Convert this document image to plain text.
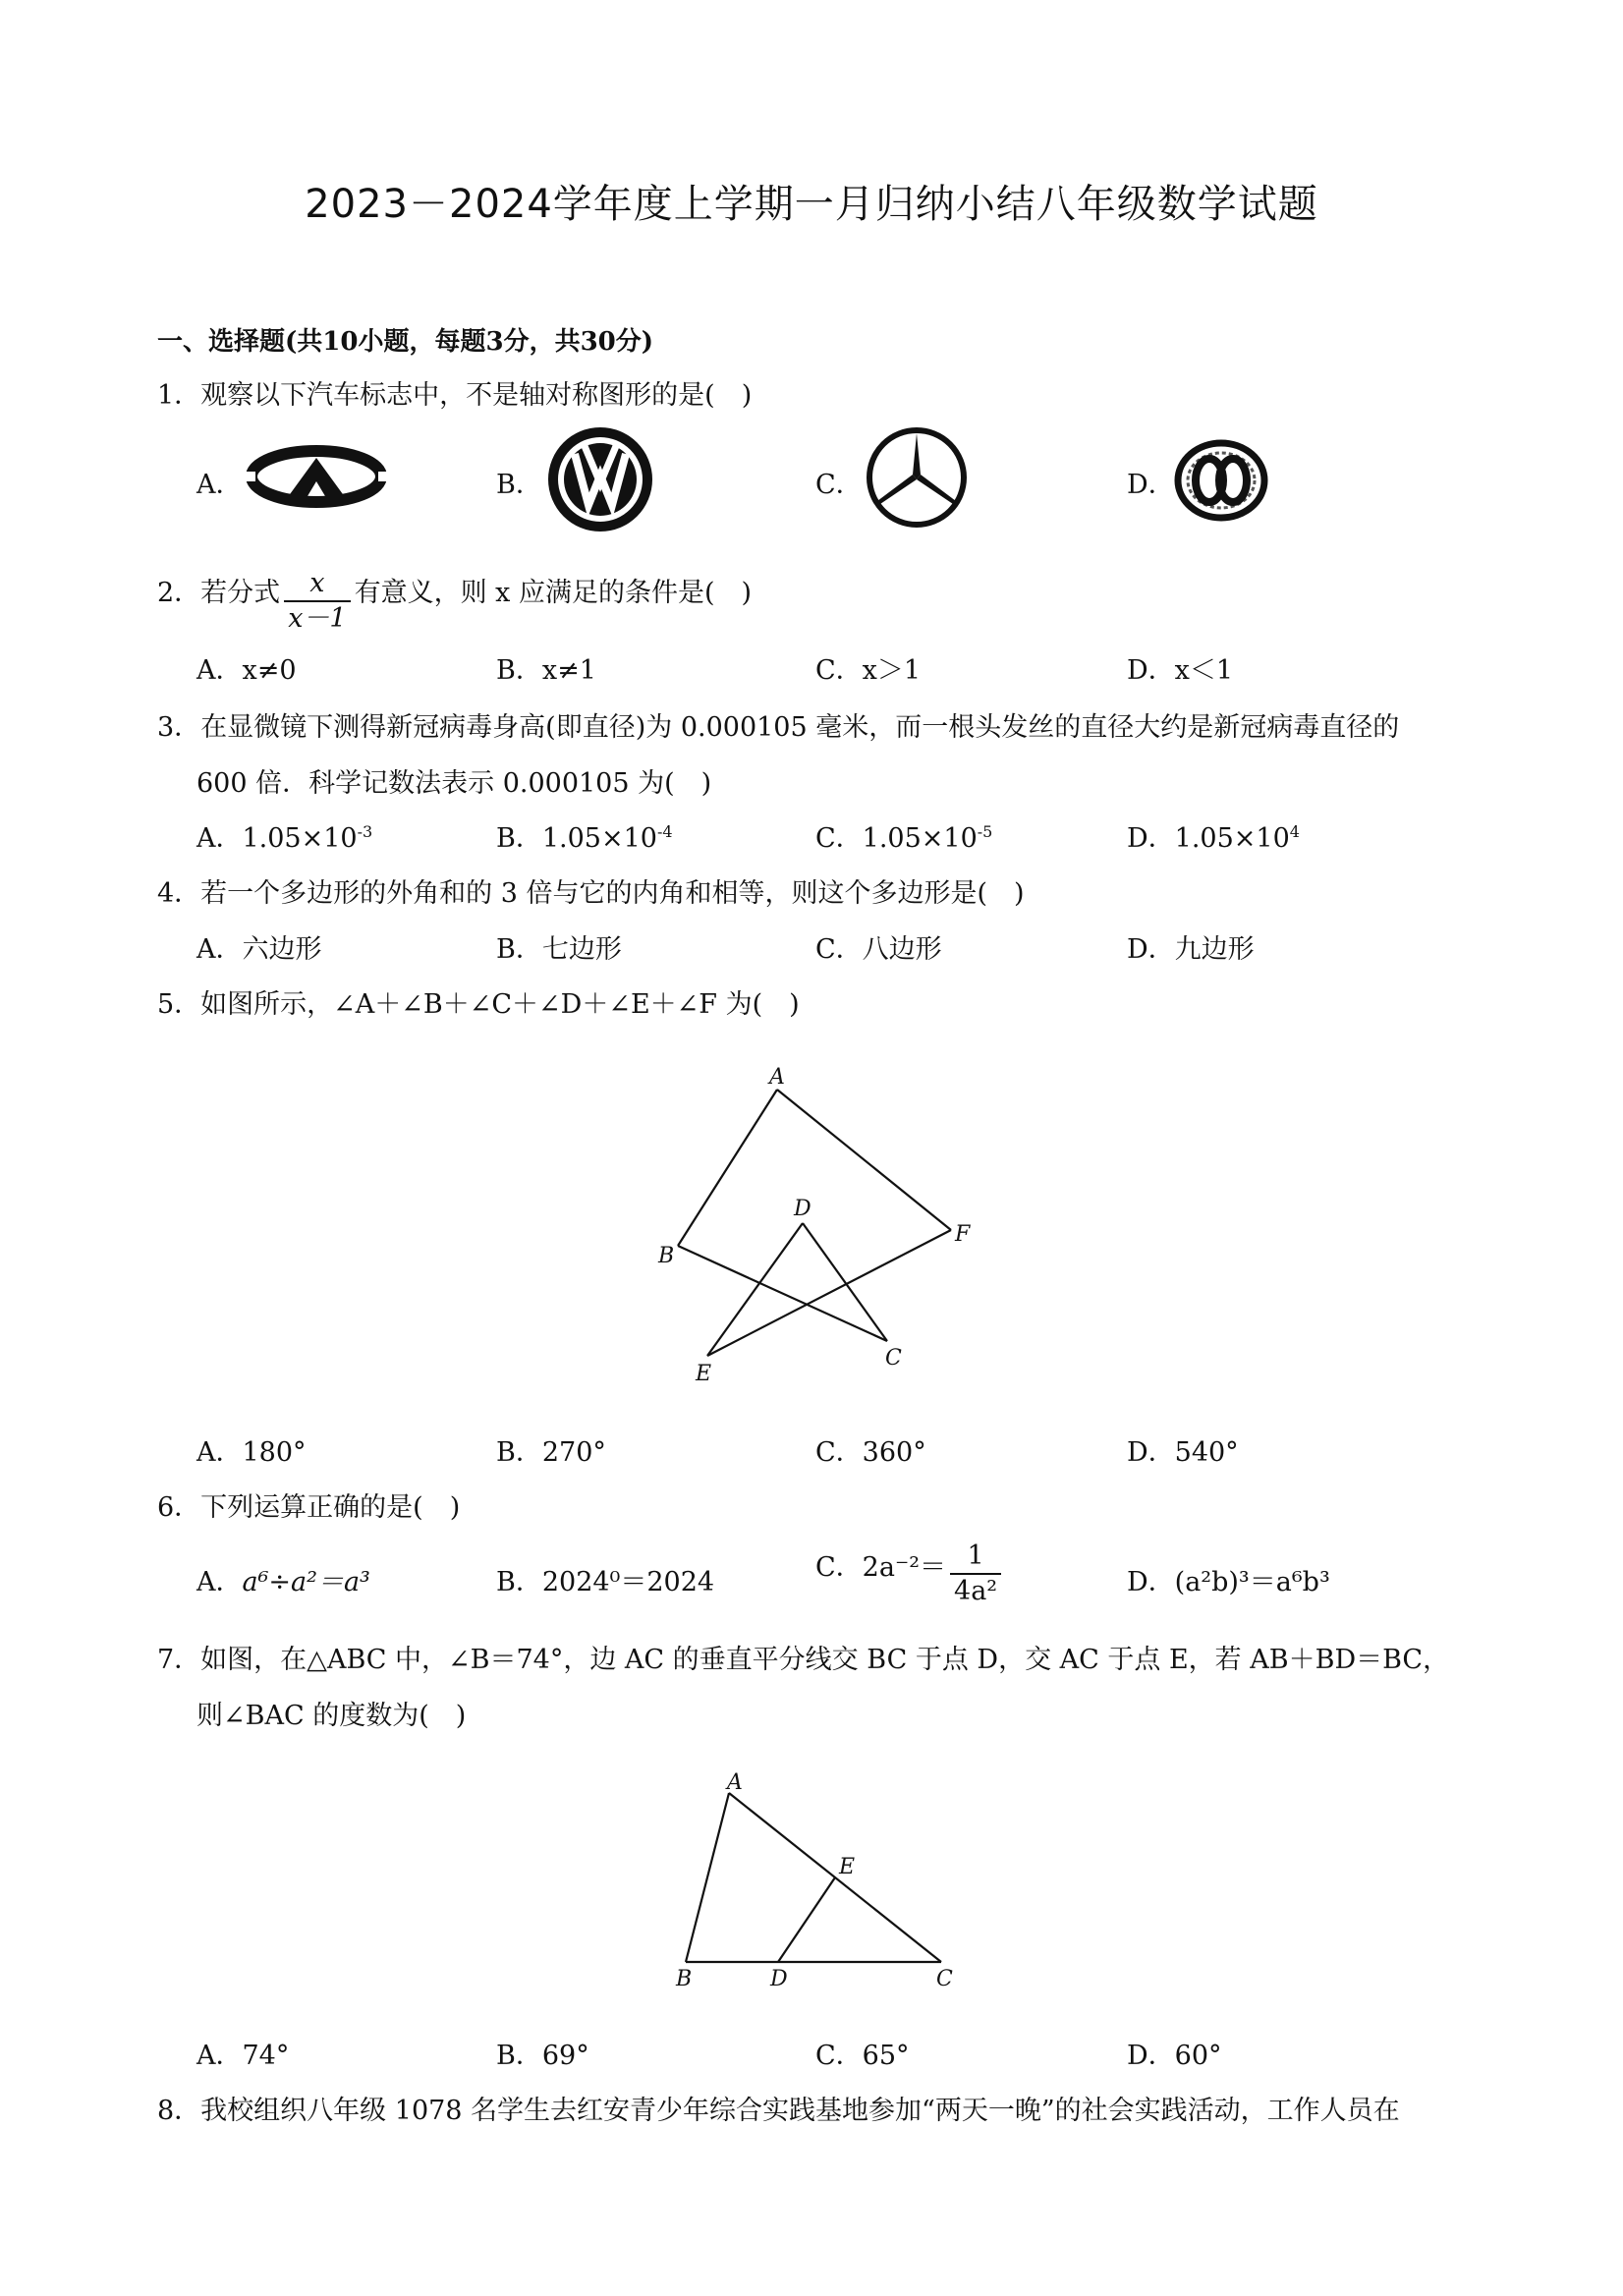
2023－2024学年度上学期一月归纳小结八年级数学试题
一、选择题(共10小题，每题3分，共30分)
1．观察以下汽车标志中，不是轴对称图形的是(　)
A．	B．	C．	D．
2．若分式 $\frac{x}{x-1}$ 有意义，则 x 应满足的条件是(　)
A．x≠0	B．x≠1	C．x＞1	D．x＜1
3．在显微镜下测得新冠病毒身高(即直径)为 0.000105 毫米，而一根头发丝的直径大约是新冠病毒直径的
600 倍．科学记数法表示 0.000105 为(　)
A．$1.05\times 10^{-3}$	B．$1.05\times 10^{-4}$	C．$1.05\times 10^{-5}$	D．$1.05\times 10^4$
4．若一个多边形的外角和的 3 倍与它的内角和相等，则这个多边形是(　)
A．六边形	B．七边形	C．八边形	D．九边形
5．如图所示，∠A＋∠B＋∠C＋∠D＋∠E＋∠F 为(　)
A
B
C
D
E
F
A．180°	B．270°	C．360°	D．540°
6．下列运算正确的是(　)
A．a⁶÷a²＝a³	B．2024⁰＝2024	C．$2a^{-2}= \frac{1}{\text{4a²}}$	D．(a²b)³＝a⁶b³
7．如图，在△ABC 中，∠B＝74°，边 AC 的垂直平分线交 BC 于点 D，交 AC 于点 E，若 AB＋BD＝BC，
则∠BAC 的度数为(　)
A
E
B	D	C
A．74°	B．69°	C．65°	D．60°
8．我校组织八年级 1078 名学生去红安青少年综合实践基地参加“两天一晚”的社会实践活动，工作人员在
